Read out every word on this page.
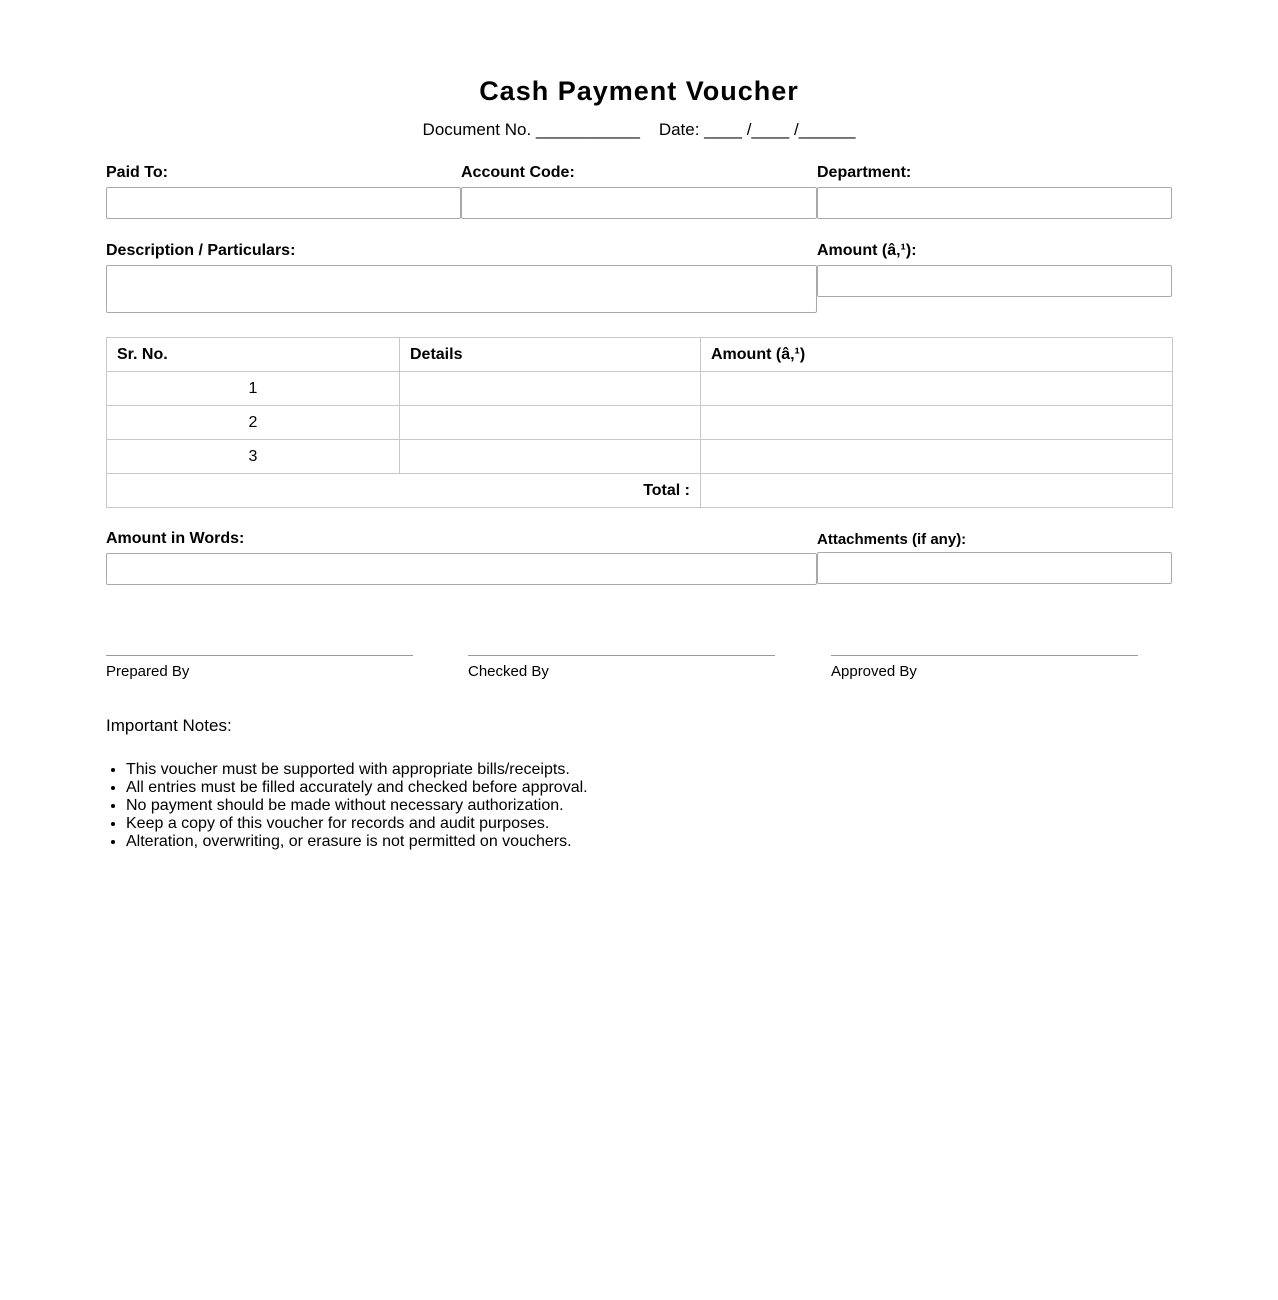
Cash Payment Voucher
Document No. ___________    Date: ____ /____ /______
Paid To:	Account Code:	Department:
Description / Particulars:	Amount (â‚¹):
Sr. No.	Details	Amount (â‚¹)
1		
2		
3		
Total :		
Amount in Words:	Attachments (if any):
Prepared By	Checked By	Approved By
Important Notes:
• This voucher must be supported with appropriate bills/receipts.
• All entries must be filled accurately and checked before approval.
• No payment should be made without necessary authorization.
• Keep a copy of this voucher for records and audit purposes.
• Alteration, overwriting, or erasure is not permitted on vouchers.
